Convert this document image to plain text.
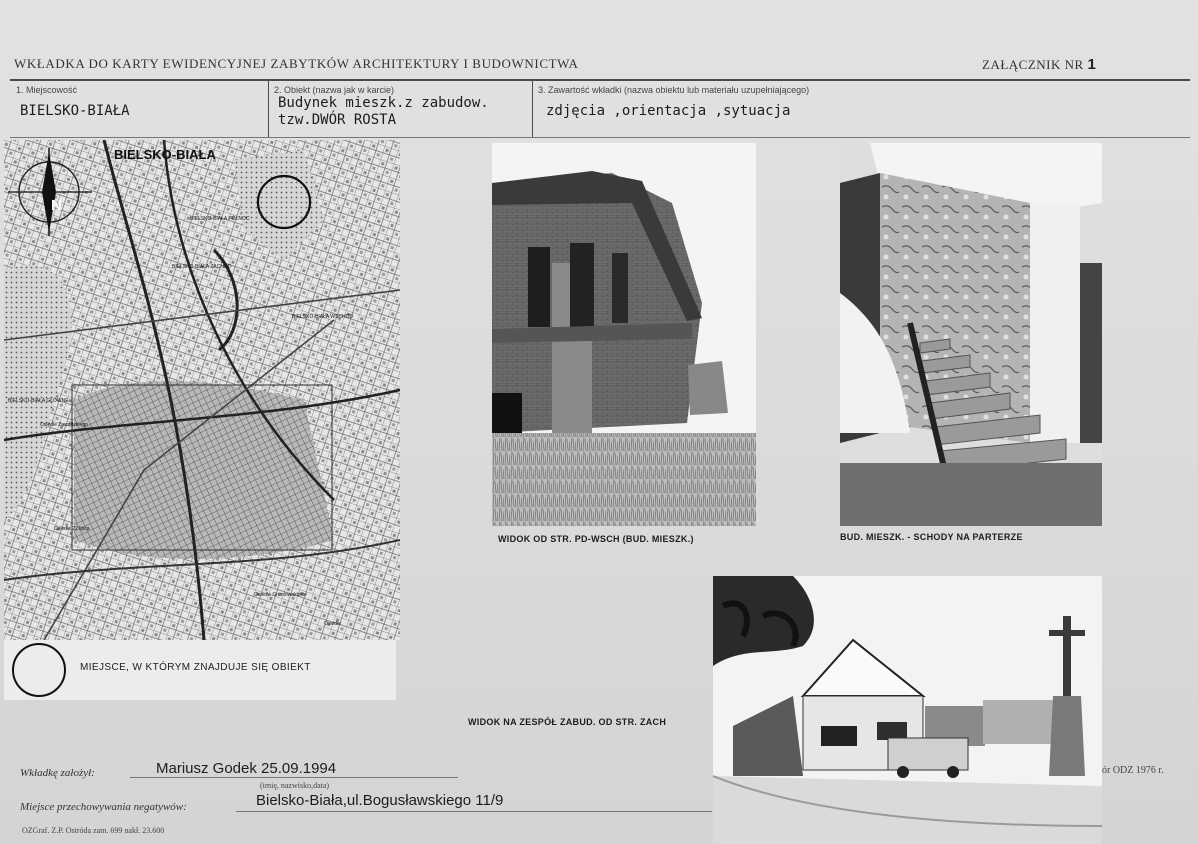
WKŁADKA DO KARTY EWIDENCYJNEJ ZABYTKÓW ARCHITEKTURY I BUDOWNICTWA	ZAŁĄCZNIK NR 1
1. Miejscowość
BIELSKO-BIAŁA
2. Obiekt (nazwa jak w karcie)
Budynek mieszk.z zabudow.
tzw.DWÓR ROSTA
3. Zawartość wkładki (nazwa obiektu lub materiału uzupełniającego)
zdjęcia ,orientacja ,sytuacja
N
BIELSKO-BIAŁA
BIELSKO-BIAŁA PÓŁNOC
BIELSKO-BIAŁA ZACHÓD
BIELSKO-BIAŁA WSCHÓD
BIELSKO-BIAŁA GŁÓWNE
Osiedle Zawadzkiego
Osiedle 22 lipca
Osiedle Gruntowaldzkie
Osiedle
MIEJSCE, W KTÓRYM ZNAJDUJE SIĘ OBIEKT
WIDOK OD STR. PD-WSCH (BUD. MIESZK.)	BUD. MIESZK. - SCHODY NA PARTERZE
WIDOK NA ZESPÓŁ ZABUD. OD STR. ZACH
Wkładkę założył:	Mariusz Godek 25.09.1994
(imię, nazwisko,data)
Miejsce przechowywania negatywów:	Bielsko-Biała,ul.Bogusławskiego 11/9
OZGraf. Z.P. Ostróda zam. 699 nakł. 23.600
ór ODZ 1976 r.
